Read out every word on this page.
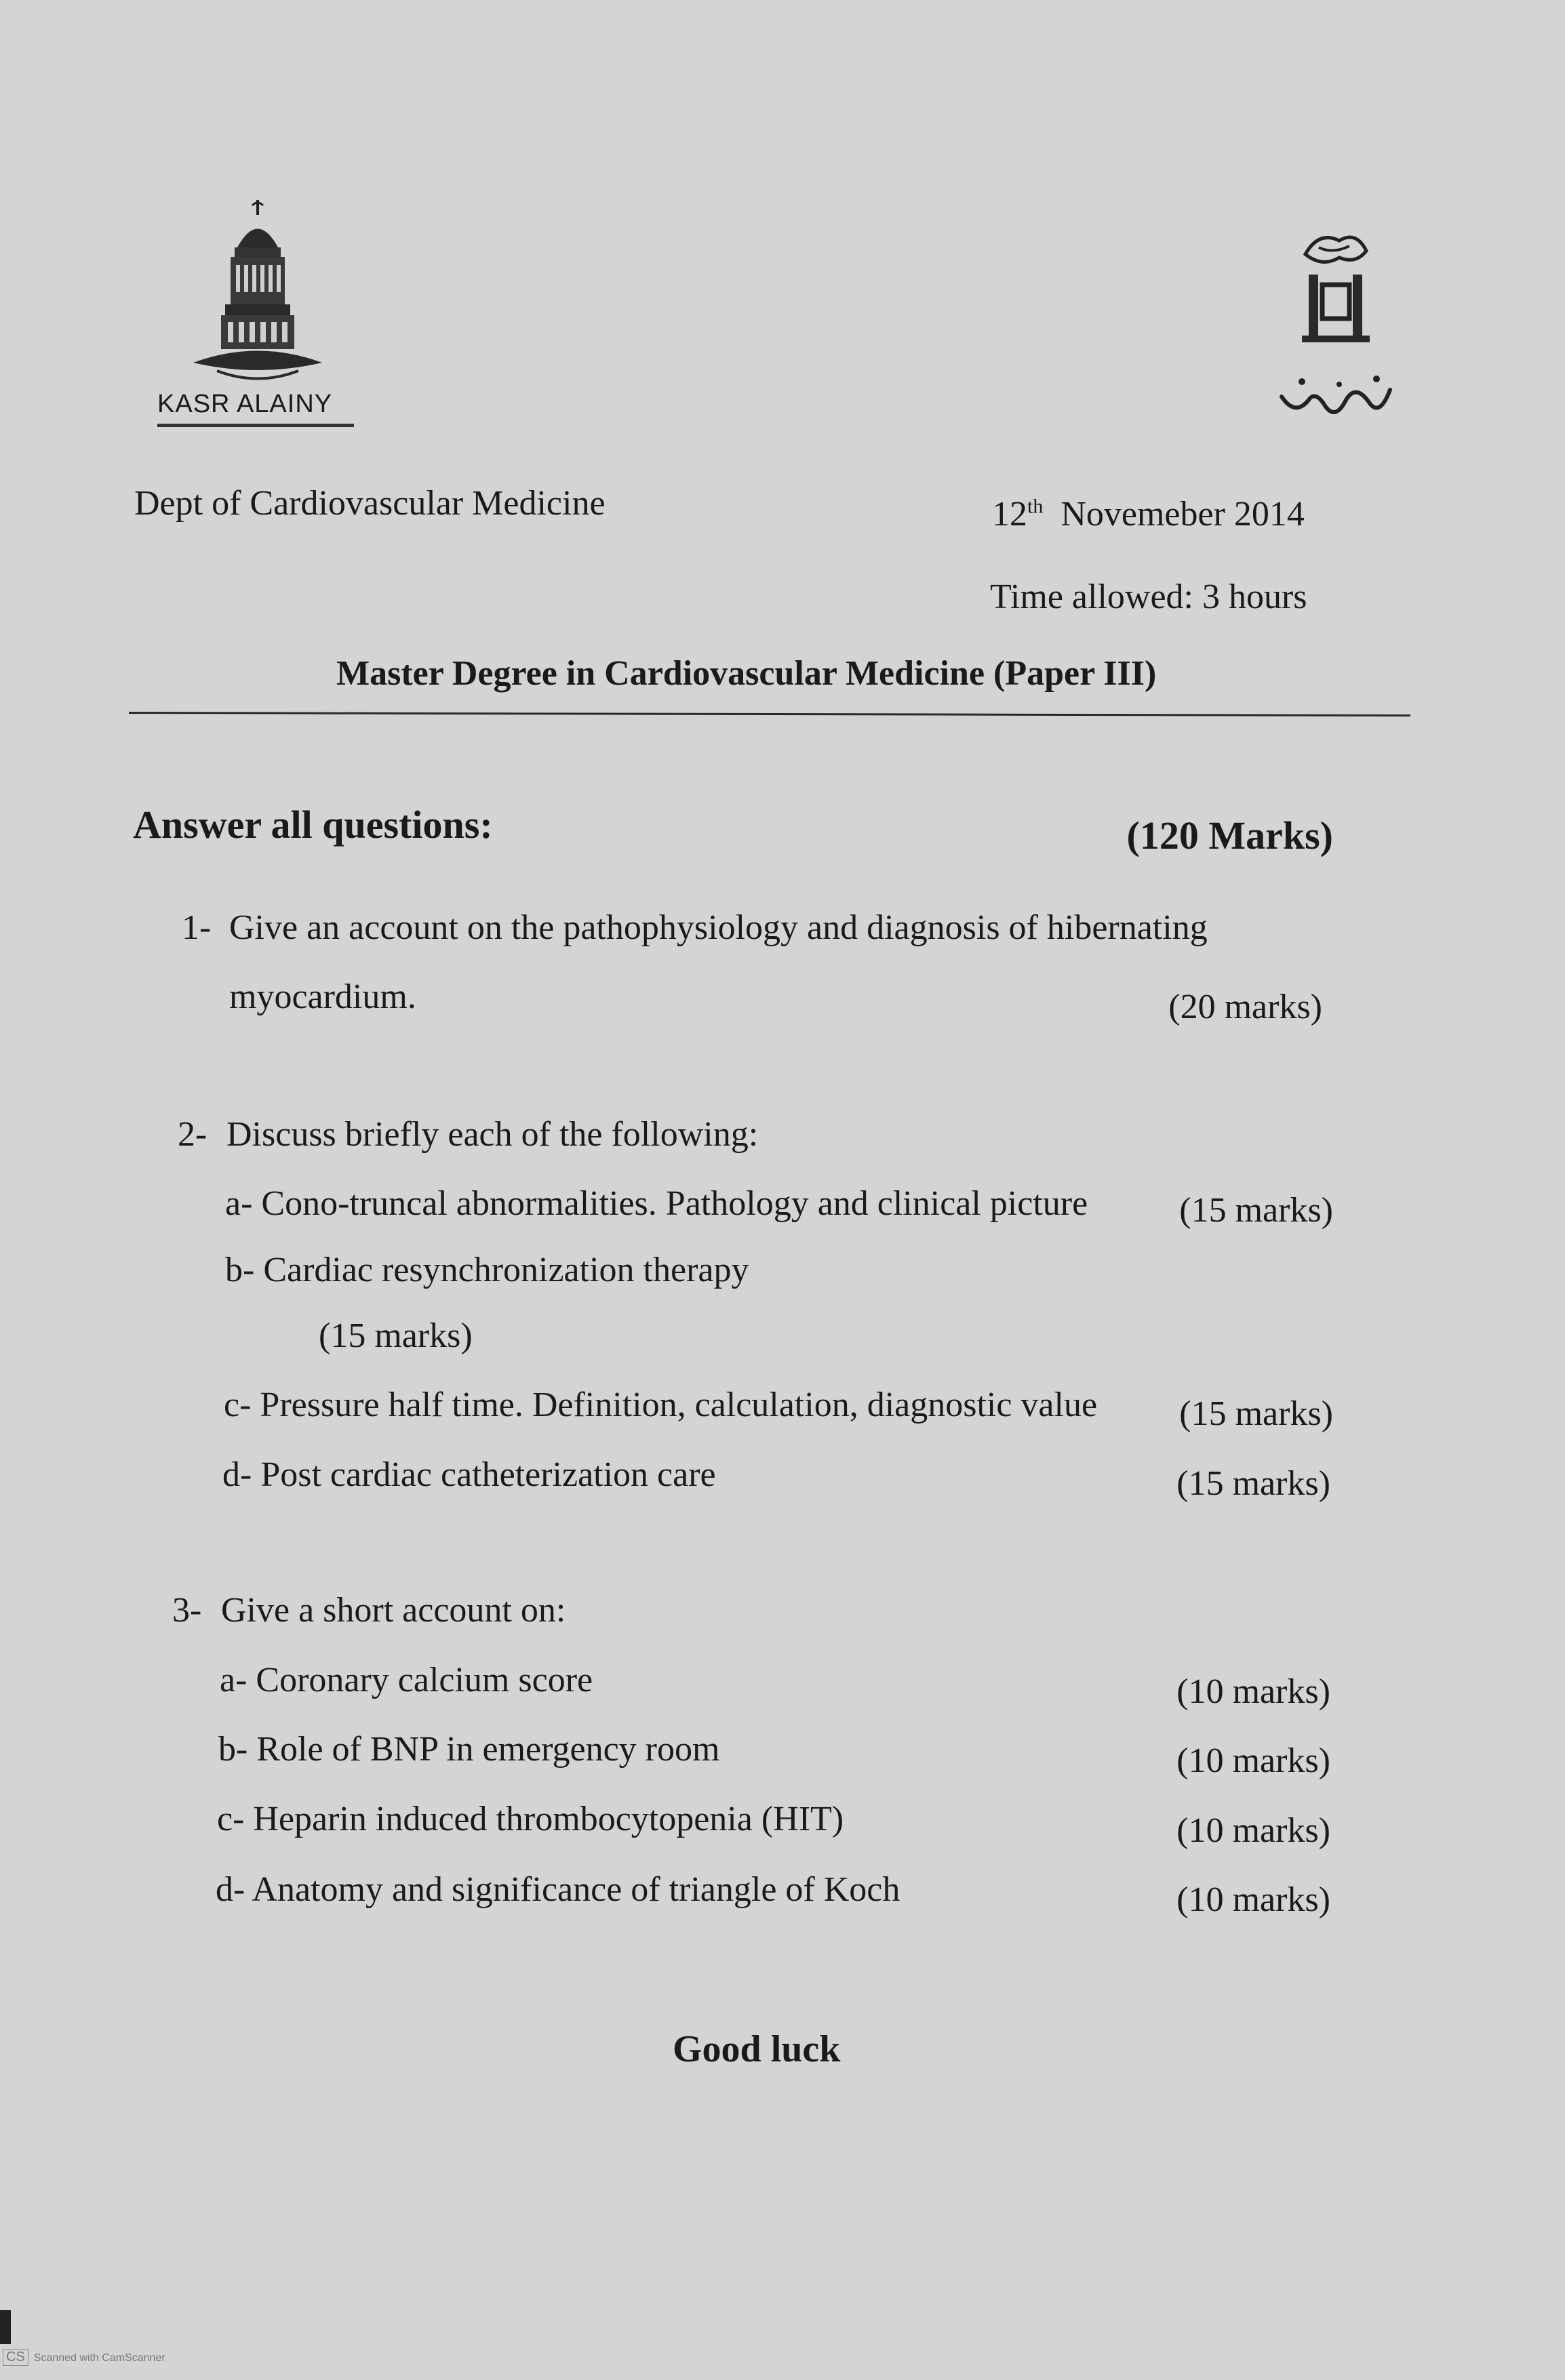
KASR ALAINY
Dept of Cardiovascular Medicine	12th Novemeber 2014
Time allowed: 3 hours
Master Degree in Cardiovascular Medicine (Paper III)
Answer all questions:	(120 Marks)
1- Give an account on the pathophysiology and diagnosis of hibernating
myocardium.	(20 marks)
2- Discuss briefly each of the following:
a- Cono-truncal abnormalities. Pathology and clinical picture	(15 marks)
b- Cardiac resynchronization therapy
(15 marks)
c- Pressure half time. Definition, calculation, diagnostic value	(15 marks)
d- Post cardiac catheterization care	(15 marks)
3- Give a short account on:
a- Coronary calcium score	(10 marks)
b- Role of BNP in emergency room	(10 marks)
c- Heparin induced thrombocytopenia (HIT)	(10 marks)
d- Anatomy and significance of triangle of Koch	(10 marks)
Good luck
CS Scanned with CamScanner
